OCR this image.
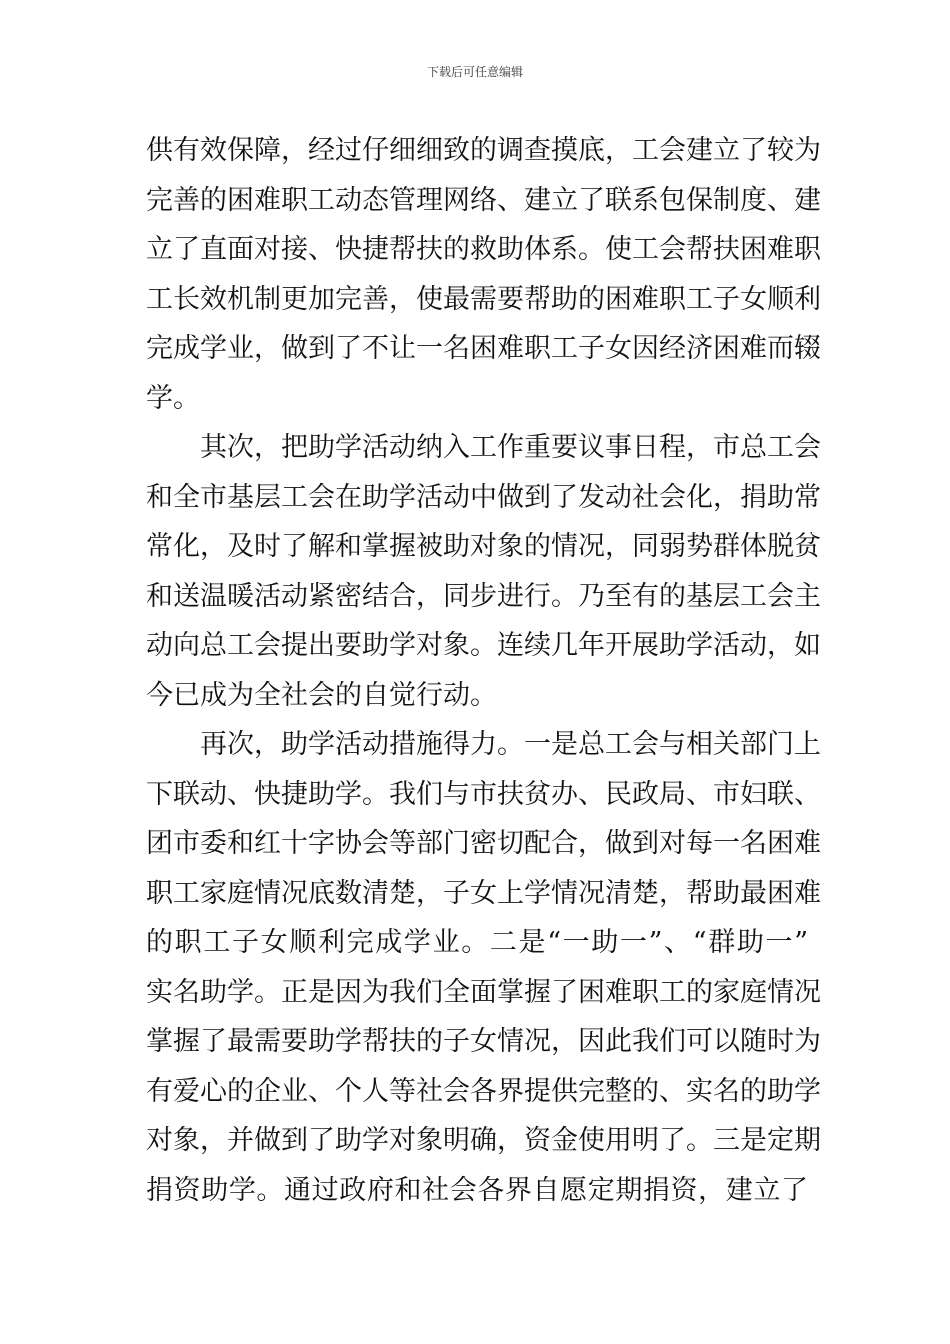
下载后可任意编辑
供有效保障，经过仔细细致的调查摸底，工会建立了较为
完善的困难职工动态管理网络、建立了联系包保制度、建
立了直面对接、快捷帮扶的救助体系。使工会帮扶困难职
工长效机制更加完善，使最需要帮助的困难职工子女顺利
完成学业，做到了不让一名困难职工子女因经济困难而辍
学。
其次，把助学活动纳入工作重要议事日程，市总工会
和全市基层工会在助学活动中做到了发动社会化，捐助常
常化，及时了解和掌握被助对象的情况，同弱势群体脱贫
和送温暖活动紧密结合，同步进行。乃至有的基层工会主
动向总工会提出要助学对象。连续几年开展助学活动，如
今已成为全社会的自觉行动。
再次，助学活动措施得力。一是总工会与相关部门上
下联动、快捷助学。我们与市扶贫办、民政局、市妇联、
团市委和红十字协会等部门密切配合，做到对每一名困难
职工家庭情况底数清楚，子女上学情况清楚，帮助最困难
的职工子女顺利完成学业。二是“一助一”、“群助一”
实名助学。正是因为我们全面掌握了困难职工的家庭情况
掌握了最需要助学帮扶的子女情况，因此我们可以随时为
有爱心的企业、个人等社会各界提供完整的、实名的助学
对象，并做到了助学对象明确，资金使用明了。三是定期
捐资助学。通过政府和社会各界自愿定期捐资，建立了
